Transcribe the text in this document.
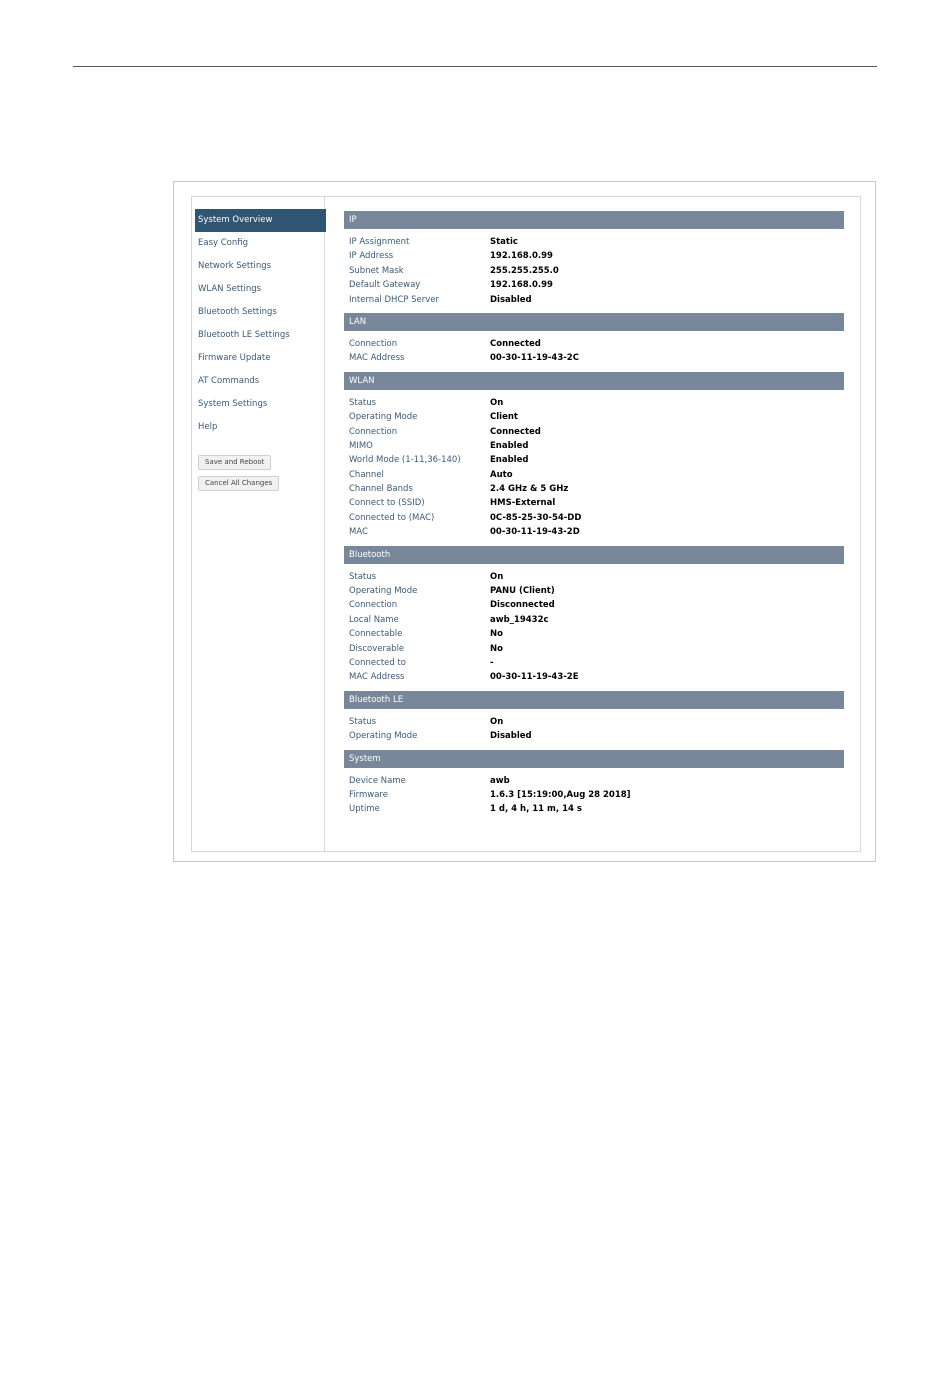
System Overview
Easy Config
Network Settings
WLAN Settings
Bluetooth Settings
Bluetooth LE Settings
Firmware Update
AT Commands
System Settings
Help
Save and Reboot
Cancel All Changes
IP
IP Assignment	Static
IP Address	192.168.0.99
Subnet Mask	255.255.255.0
Default Gateway	192.168.0.99
Internal DHCP Server	Disabled
LAN
Connection	Connected
MAC Address	00-30-11-19-43-2C
WLAN
Status	On
Operating Mode	Client
Connection	Connected
MIMO	Enabled
World Mode (1-11,36-140)	Enabled
Channel	Auto
Channel Bands	2.4 GHz & 5 GHz
Connect to (SSID)	HMS-External
Connected to (MAC)	0C-85-25-30-54-DD
MAC	00-30-11-19-43-2D
Bluetooth
Status	On
Operating Mode	PANU (Client)
Connection	Disconnected
Local Name	awb_19432c
Connectable	No
Discoverable	No
Connected to	-
MAC Address	00-30-11-19-43-2E
Bluetooth LE
Status	On
Operating Mode	Disabled
System
Device Name	awb
Firmware	1.6.3 [15:19:00,Aug 28 2018]
Uptime	1 d, 4 h, 11 m, 14 s
